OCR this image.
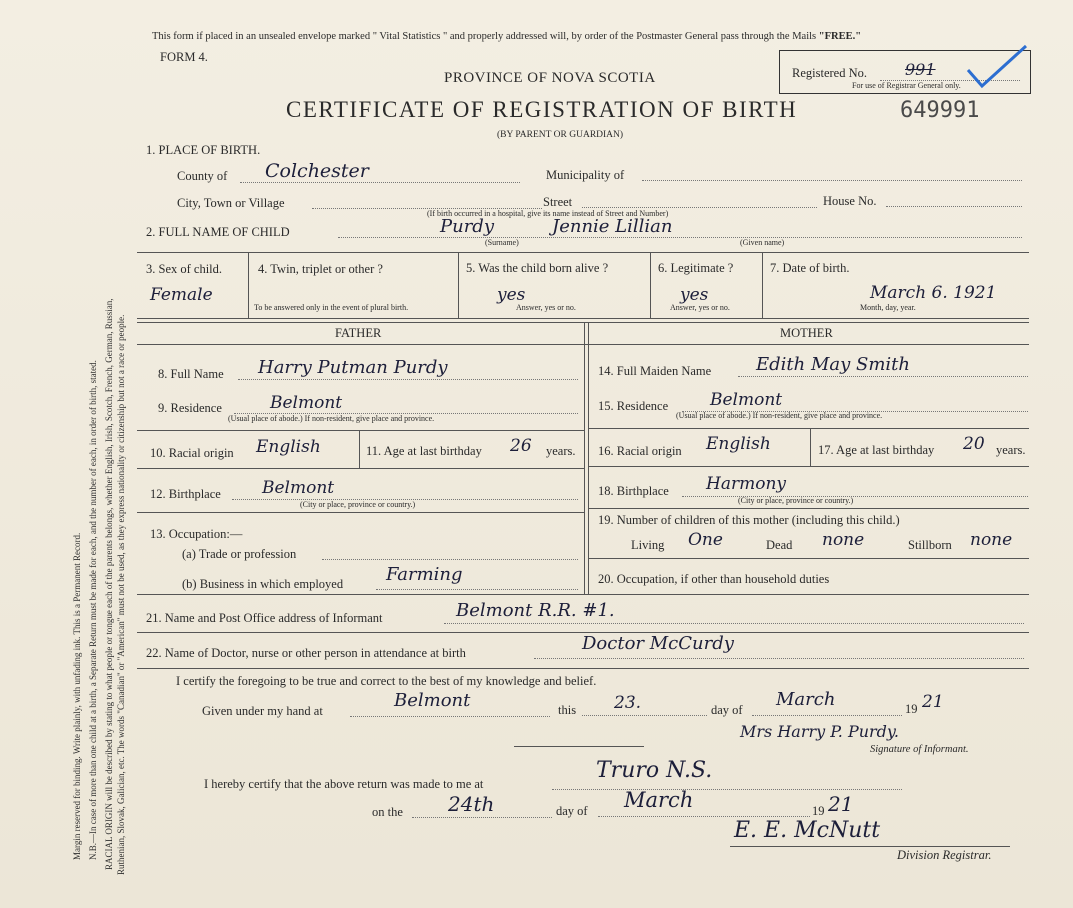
Margin reserved for binding. Write plainly, with unfading ink. This is a Permanent Record. N.B.—In case of more than one child at a birth, a Separate Return must be made for each, and the number of each, in order of birth, stated. RACIAL ORIGIN will be described by stating to what people or tongue each of the parents belongs, whether English, Irish, Scotch, French, German, Russian, Ruthenian, Slovak, Galician, etc. The words "Canadian" or "American" must not be used, as they express nationality or citizenship but not a race or people.
This form if placed in an unsealed envelope marked " Vital Statistics " and properly addressed will, by order of the Postmaster General pass through the Mails "FREE."
FORM 4.
PROVINCE OF NOVA SCOTIA
CERTIFICATE OF REGISTRATION OF BIRTH
(BY PARENT OR GUARDIAN)
649991
Registered No. 991
For use of Registrar General only.
1. PLACE OF BIRTH.
County of Colchester	Municipality of
City, Town or Village	Street	House No.
(If birth occurred in a hospital, give its name instead of Street and Number)
2. FULL NAME OF CHILD	Purdy	Jennie Lillian
(Surname)	(Given name)
3. Sex of child.
Female
4. Twin, triplet or other ?
To be answered only in the event of plural birth.
5. Was the child born alive ?
yes
Answer, yes or no.
6. Legitimate ?
yes
Answer, yes or no.
7. Date of birth.
March 6. 1921
Month, day, year.
FATHER	MOTHER
8. Full Name Harry Putman Purdy
9. Residence	Belmont
(Usual place of abode.) If non-resident, give place and province.
10. Racial origin English	11. Age at last birthday 26 years.
12. Birthplace Belmont
(City or place, province or country.)
13. Occupation:—
(a) Trade or profession
(b) Business in which employed Farming
14. Full Maiden Name Edith May Smith
15. Residence Belmont
(Usual place of abode.) If non-resident, give place and province.
16. Racial origin English	17. Age at last birthday 20 years.
18. Birthplace Harmony
(City or place, province or country.)
19. Number of children of this mother (including this child.)
Living One	Dead none	Stillborn none
20. Occupation, if other than household duties
21. Name and Post Office address of Informant	Belmont R.R. #1.
22. Name of Doctor, nurse or other person in attendance at birth	Doctor McCurdy
I certify the foregoing to be true and correct to the best of my knowledge and belief.
Given under my hand at	Belmont	this 23.	day of March	19 21
Mrs Harry P. Purdy.
Signature of Informant.
I hereby certify that the above return was made to me at
Truro N.S.
on the 24th	day of March	19 21
E. E. McNutt
Division Registrar.
